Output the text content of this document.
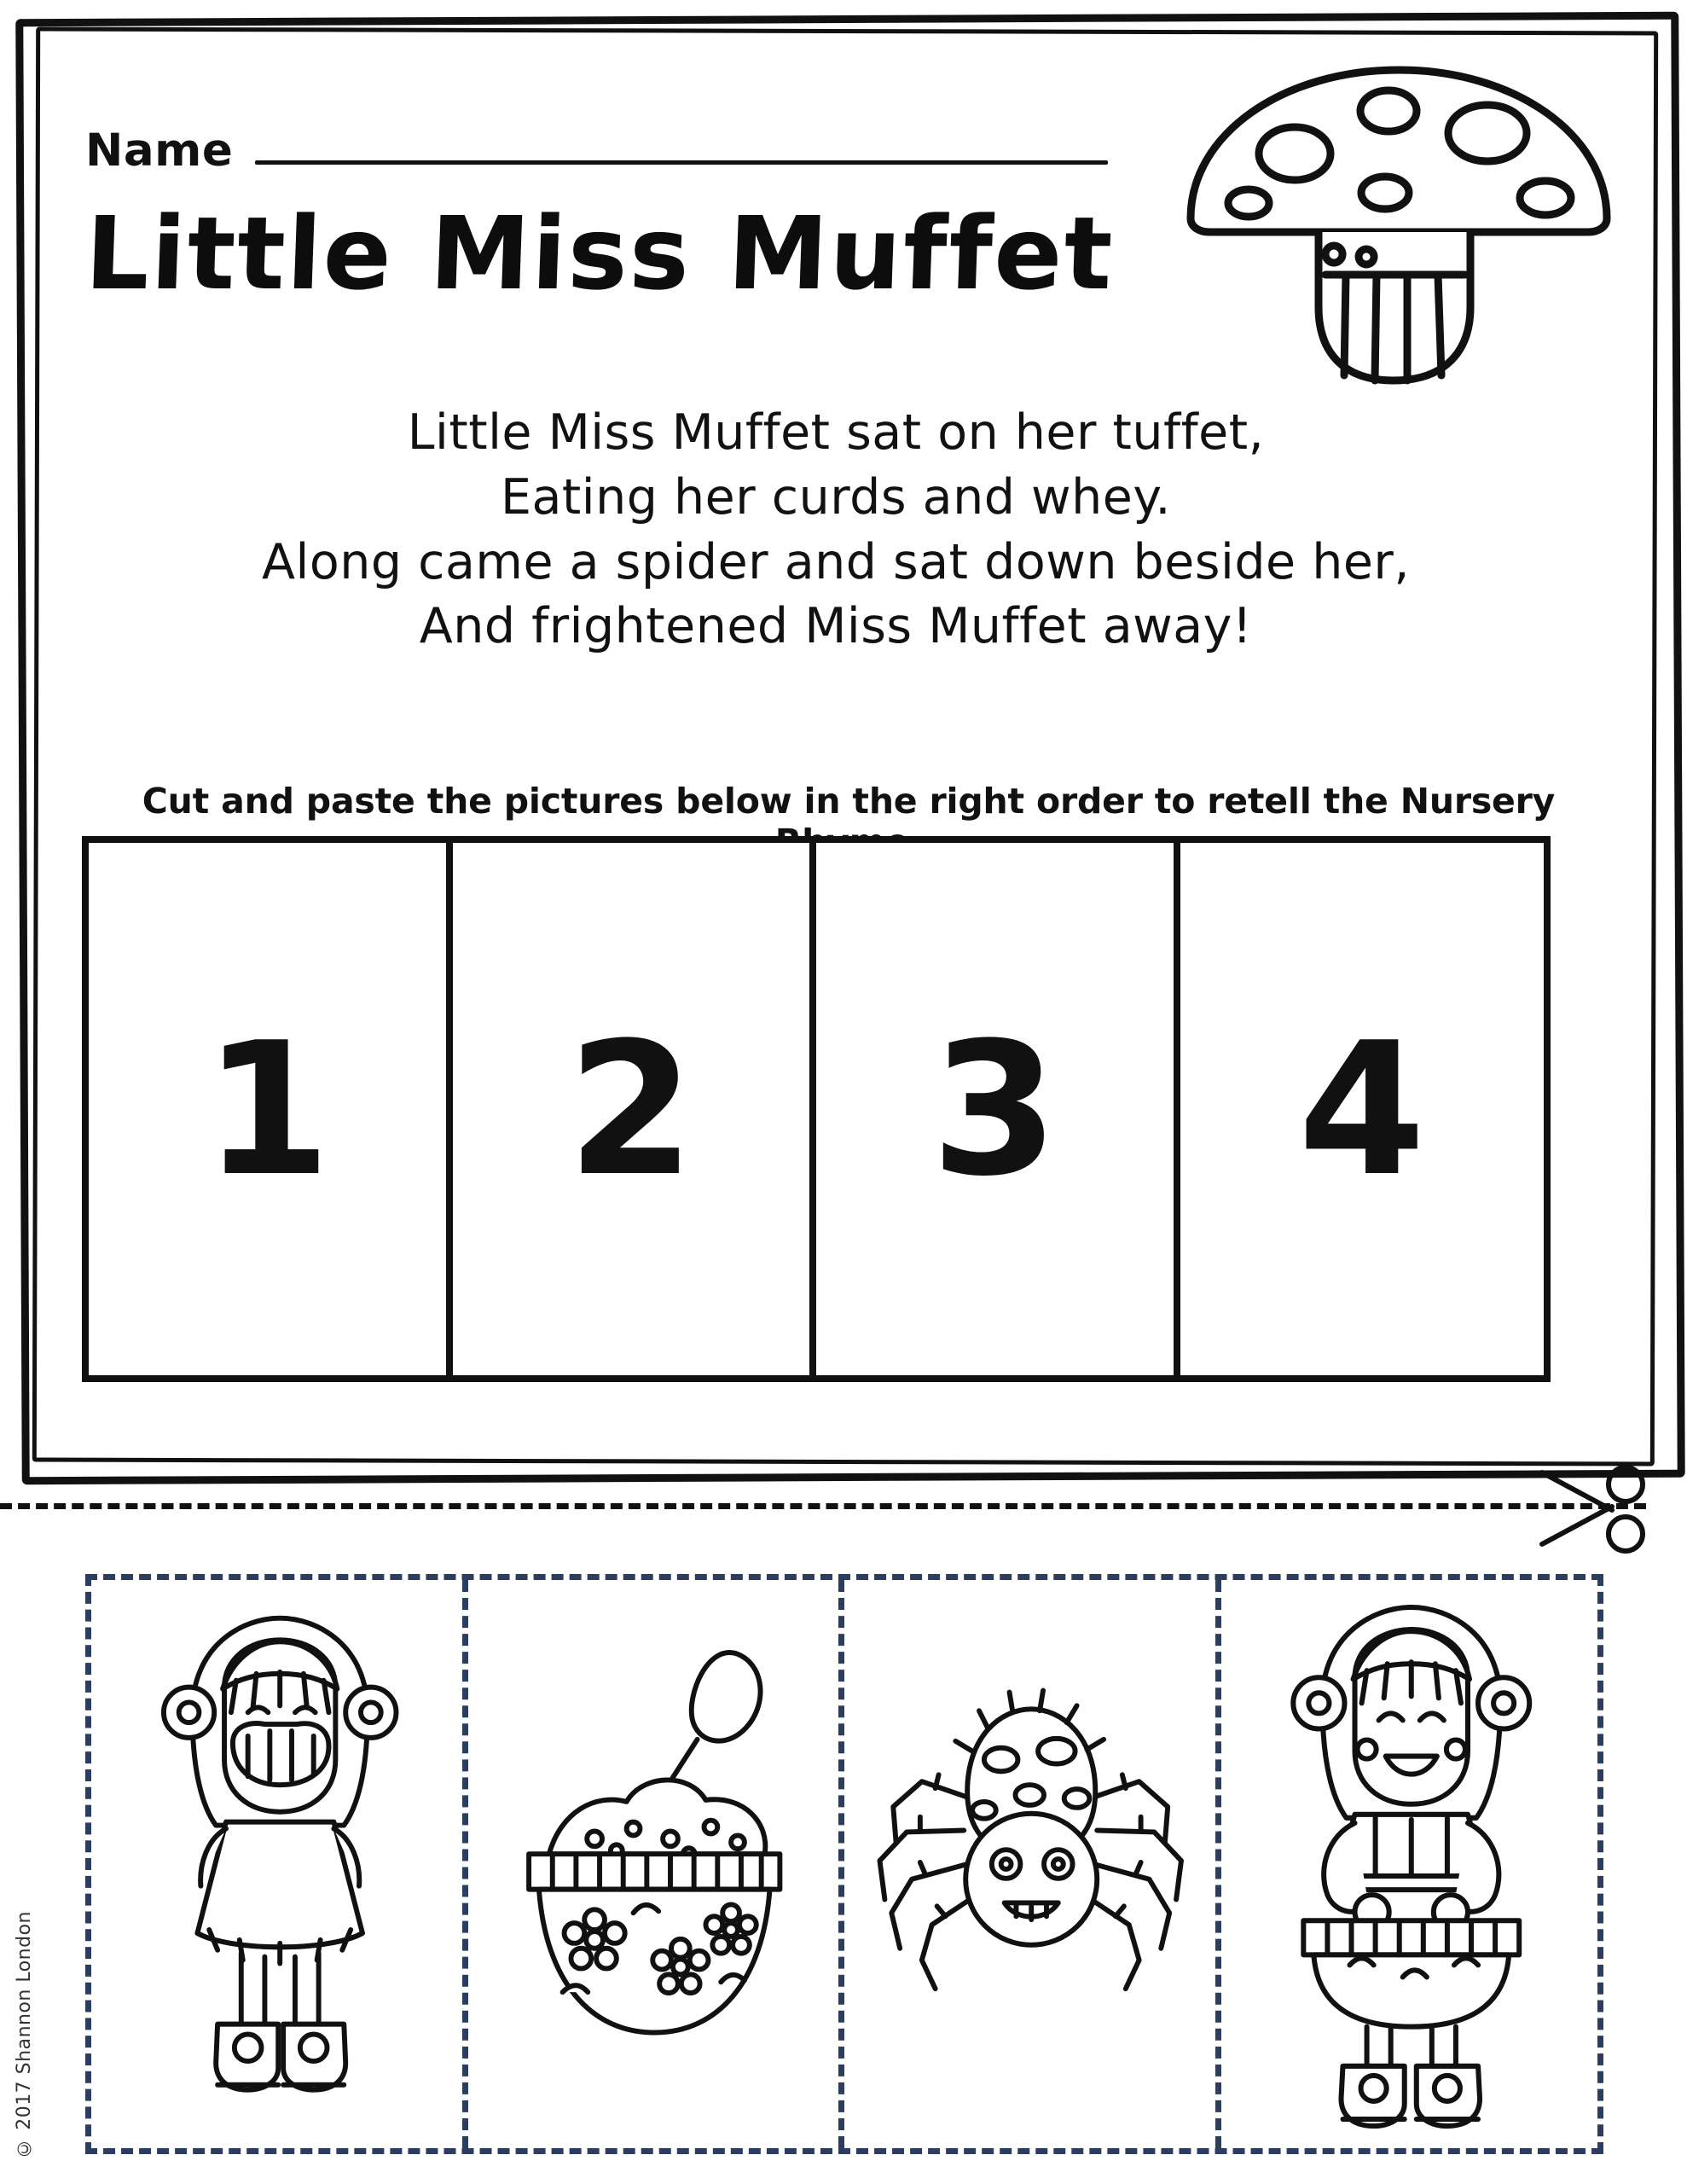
Name
Little Miss Muffet
Little Miss Muffet sat on her tuffet,
Eating her curds and whey.
Along came a spider and sat down beside her,
And frightened Miss Muffet away!
Cut and paste the pictures below in the right order to retell the Nursery
1 2 3 4
© 2017 Shannon London
